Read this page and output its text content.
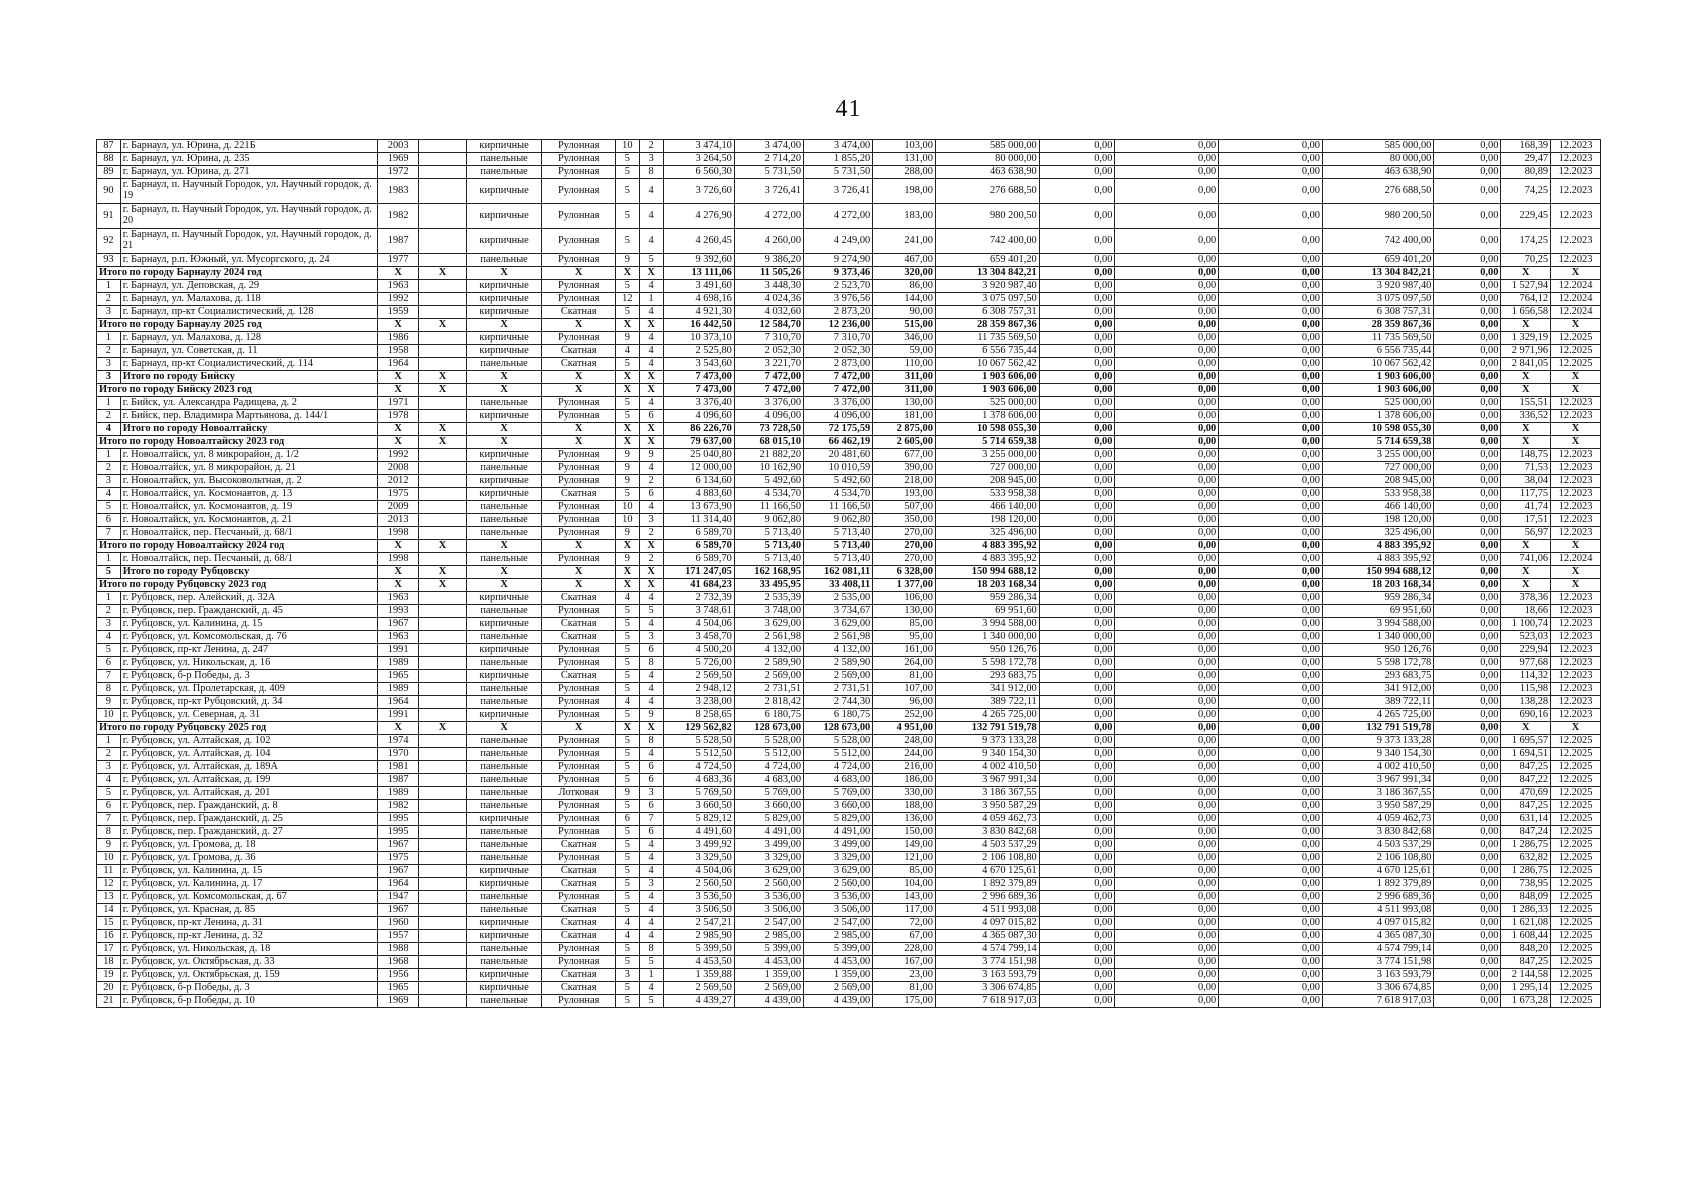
41
87	г. Барнаул, ул. Юрина, д. 221Б	2003		кирпичные	Рулонная	10	2	3 474,10	3 474,00	3 474,00	103,00	585 000,00	0,00	0,00	0,00	585 000,00	0,00	168,39	12.2023
88	г. Барнаул, ул. Юрина, д. 235	1969		панельные	Рулонная	5	3	3 264,50	2 714,20	1 855,20	131,00	80 000,00	0,00	0,00	0,00	80 000,00	0,00	29,47	12.2023
89	г. Барнаул, ул. Юрина, д. 271	1972		панельные	Рулонная	5	8	6 560,30	5 731,50	5 731,50	288,00	463 638,90	0,00	0,00	0,00	463 638,90	0,00	80,89	12.2023
90	г. Барнаул, п. Научный Городок, ул. Научный городок, д. 19	1983		кирпичные	Рулонная	5	4	3 726,60	3 726,41	3 726,41	198,00	276 688,50	0,00	0,00	0,00	276 688,50	0,00	74,25	12.2023
91	г. Барнаул, п. Научный Городок, ул. Научный городок, д. 20	1982		кирпичные	Рулонная	5	4	4 276,90	4 272,00	4 272,00	183,00	980 200,50	0,00	0,00	0,00	980 200,50	0,00	229,45	12.2023
92	г. Барнаул, п. Научный Городок, ул. Научный городок, д. 21	1987		кирпичные	Рулонная	5	4	4 260,45	4 260,00	4 249,00	241,00	742 400,00	0,00	0,00	0,00	742 400,00	0,00	174,25	12.2023
93	г. Барнаул, р.п. Южный, ул. Мусоргского, д. 24	1977		панельные	Рулонная	9	5	9 392,60	9 386,20	9 274,90	467,00	659 401,20	0,00	0,00	0,00	659 401,20	0,00	70,25	12.2023
Итого по городу Барнаулу 2024 год		X	X	X	X	X	X	13 111,06	11 505,26	9 373,46	320,00	13 304 842,21	0,00	0,00	0,00	13 304 842,21	0,00	X	X
1	г. Барнаул, ул. Деповская, д. 29	1963		кирпичные	Рулонная	5	4	3 491,60	3 448,30	2 523,70	86,00	3 920 987,40	0,00	0,00	0,00	3 920 987,40	0,00	1 527,94	12.2024
2	г. Барнаул, ул. Малахова, д. 118	1992		кирпичные	Рулонная	12	1	4 698,16	4 024,36	3 976,56	144,00	3 075 097,50	0,00	0,00	0,00	3 075 097,50	0,00	764,12	12.2024
3	г. Барнаул, пр-кт Социалистический, д. 128	1959		кирпичные	Скатная	5	4	4 921,30	4 032,60	2 873,20	90,00	6 308 757,31	0,00	0,00	0,00	6 308 757,31	0,00	1 656,58	12.2024
Итого по городу Барнаулу 2025 год		X	X	X	X	X	X	16 442,50	12 584,70	12 236,00	515,00	28 359 867,36	0,00	0,00	0,00	28 359 867,36	0,00	X	X
1	г. Барнаул, ул. Малахова, д. 128	1986		кирпичные	Рулонная	9	4	10 373,10	7 310,70	7 310,70	346,00	11 735 569,50	0,00	0,00	0,00	11 735 569,50	0,00	1 329,19	12.2025
2	г. Барнаул, ул. Советская, д. 11	1958		кирпичные	Скатная	4	4	2 525,80	2 052,30	2 052,30	59,00	6 556 735,44	0,00	0,00	0,00	6 556 735,44	0,00	2 971,96	12.2025
3	г. Барнаул, пр-кт Социалистический, д. 114	1964		панельные	Скатная	5	4	3 543,60	3 221,70	2 873,00	110,00	10 067 562,42	0,00	0,00	0,00	10 067 562,42	0,00	2 841,05	12.2025
3	Итого по городу Бийску	X	X	X	X	X	X	7 473,00	7 472,00	7 472,00	311,00	1 903 606,00	0,00	0,00	0,00	1 903 606,00	0,00	X	X
Итого по городу Бийску 2023 год		X	X	X	X	X	X	7 473,00	7 472,00	7 472,00	311,00	1 903 606,00	0,00	0,00	0,00	1 903 606,00	0,00	X	X
1	г. Бийск, ул. Александра Радищева, д. 2	1971		панельные	Рулонная	5	4	3 376,40	3 376,00	3 376,00	130,00	525 000,00	0,00	0,00	0,00	525 000,00	0,00	155,51	12.2023
2	г. Бийск, пер. Владимира Мартьянова, д. 144/1	1978		кирпичные	Рулонная	5	6	4 096,60	4 096,00	4 096,00	181,00	1 378 606,00	0,00	0,00	0,00	1 378 606,00	0,00	336,52	12.2023
4	Итого по городу Новоалтайску	X	X	X	X	X	X	86 226,70	73 728,50	72 175,59	2 875,00	10 598 055,30	0,00	0,00	0,00	10 598 055,30	0,00	X	X
Итого по городу Новоалтайску 2023 год		X	X	X	X	X	X	79 637,00	68 015,10	66 462,19	2 605,00	5 714 659,38	0,00	0,00	0,00	5 714 659,38	0,00	X	X
1	г. Новоалтайск, ул. 8 микрорайон, д. 1/2	1992		кирпичные	Рулонная	9	9	25 040,80	21 882,20	20 481,60	677,00	3 255 000,00	0,00	0,00	0,00	3 255 000,00	0,00	148,75	12.2023
2	г. Новоалтайск, ул. 8 микрорайон, д. 21	2008		панельные	Рулонная	9	4	12 000,00	10 162,90	10 010,59	390,00	727 000,00	0,00	0,00	0,00	727 000,00	0,00	71,53	12.2023
3	г. Новоалтайск, ул. Высоковольтная, д. 2	2012		кирпичные	Рулонная	9	2	6 134,60	5 492,60	5 492,60	218,00	208 945,00	0,00	0,00	0,00	208 945,00	0,00	38,04	12.2023
4	г. Новоалтайск, ул. Космонавтов, д. 13	1975		кирпичные	Скатная	5	6	4 883,60	4 534,70	4 534,70	193,00	533 958,38	0,00	0,00	0,00	533 958,38	0,00	117,75	12.2023
5	г. Новоалтайск, ул. Космонавтов, д. 19	2009		панельные	Рулонная	10	4	13 673,90	11 166,50	11 166,50	507,00	466 140,00	0,00	0,00	0,00	466 140,00	0,00	41,74	12.2023
6	г. Новоалтайск, ул. Космонавтов, д. 21	2013		панельные	Рулонная	10	3	11 314,40	9 062,80	9 062,80	350,00	198 120,00	0,00	0,00	0,00	198 120,00	0,00	17,51	12.2023
7	г. Новоалтайск, пер. Песчаный, д. 68/1	1998		панельные	Рулонная	9	2	6 589,70	5 713,40	5 713,40	270,00	325 496,00	0,00	0,00	0,00	325 496,00	0,00	56,97	12.2023
Итого по городу Новоалтайску 2024 год		X	X	X	X	X	X	6 589,70	5 713,40	5 713,40	270,00	4 883 395,92	0,00	0,00	0,00	4 883 395,92	0,00	X	X
1	г. Новоалтайск, пер. Песчаный, д. 68/1	1998		панельные	Рулонная	9	2	6 589,70	5 713,40	5 713,40	270,00	4 883 395,92	0,00	0,00	0,00	4 883 395,92	0,00	741,06	12.2024
5	Итого по городу Рубцовску	X	X	X	X	X	X	171 247,05	162 168,95	162 081,11	6 328,00	150 994 688,12	0,00	0,00	0,00	150 994 688,12	0,00	X	X
Итого по городу Рубцовску 2023 год		X	X	X	X	X	X	41 684,23	33 495,95	33 408,11	1 377,00	18 203 168,34	0,00	0,00	0,00	18 203 168,34	0,00	X	X
1	г. Рубцовск, пер. Алейский, д. 32А	1963		кирпичные	Скатная	4	4	2 732,39	2 535,39	2 535,00	106,00	959 286,34	0,00	0,00	0,00	959 286,34	0,00	378,36	12.2023
2	г. Рубцовск, пер. Гражданский, д. 45	1993		панельные	Рулонная	5	5	3 748,61	3 748,00	3 734,67	130,00	69 951,60	0,00	0,00	0,00	69 951,60	0,00	18,66	12.2023
3	г. Рубцовск, ул. Калинина, д. 15	1967		кирпичные	Скатная	5	4	4 504,06	3 629,00	3 629,00	85,00	3 994 588,00	0,00	0,00	0,00	3 994 588,00	0,00	1 100,74	12.2023
4	г. Рубцовск, ул. Комсомольская, д. 76	1963		панельные	Скатная	5	3	3 458,70	2 561,98	2 561,98	95,00	1 340 000,00	0,00	0,00	0,00	1 340 000,00	0,00	523,03	12.2023
5	г. Рубцовск, пр-кт Ленина, д. 247	1991		кирпичные	Рулонная	5	6	4 500,20	4 132,00	4 132,00	161,00	950 126,76	0,00	0,00	0,00	950 126,76	0,00	229,94	12.2023
6	г. Рубцовск, ул. Никольская, д. 16	1989		панельные	Рулонная	5	8	5 726,00	2 589,90	2 589,90	264,00	5 598 172,78	0,00	0,00	0,00	5 598 172,78	0,00	977,68	12.2023
7	г. Рубцовск, б-р Победы, д. 3	1965		кирпичные	Скатная	5	4	2 569,50	2 569,00	2 569,00	81,00	293 683,75	0,00	0,00	0,00	293 683,75	0,00	114,32	12.2023
8	г. Рубцовск, ул. Пролетарская, д. 409	1989		панельные	Рулонная	5	4	2 948,12	2 731,51	2 731,51	107,00	341 912,00	0,00	0,00	0,00	341 912,00	0,00	115,98	12.2023
9	г. Рубцовск, пр-кт Рубцовский, д. 34	1964		панельные	Рулонная	4	4	3 238,00	2 818,42	2 744,30	96,00	389 722,11	0,00	0,00	0,00	389 722,11	0,00	138,28	12.2023
10	г. Рубцовск, ул. Северная, д. 31	1991		кирпичные	Рулонная	5	9	8 258,65	6 180,75	6 180,75	252,00	4 265 725,00	0,00	0,00	0,00	4 265 725,00	0,00	690,16	12.2023
Итого по городу Рубцовску 2025 год		X	X	X	X	X	X	129 562,82	128 673,00	128 673,00	4 951,00	132 791 519,78	0,00	0,00	0,00	132 791 519,78	0,00	X	X
1	г. Рубцовск, ул. Алтайская, д. 102	1974		панельные	Рулонная	5	8	5 528,50	5 528,00	5 528,00	248,00	9 373 133,28	0,00	0,00	0,00	9 373 133,28	0,00	1 695,57	12.2025
2	г. Рубцовск, ул. Алтайская, д. 104	1970		панельные	Рулонная	5	4	5 512,50	5 512,00	5 512,00	244,00	9 340 154,30	0,00	0,00	0,00	9 340 154,30	0,00	1 694,51	12.2025
3	г. Рубцовск, ул. Алтайская, д. 189А	1981		панельные	Рулонная	5	6	4 724,50	4 724,00	4 724,00	216,00	4 002 410,50	0,00	0,00	0,00	4 002 410,50	0,00	847,25	12.2025
4	г. Рубцовск, ул. Алтайская, д. 199	1987		панельные	Рулонная	5	6	4 683,36	4 683,00	4 683,00	186,00	3 967 991,34	0,00	0,00	0,00	3 967 991,34	0,00	847,22	12.2025
5	г. Рубцовск, ул. Алтайская, д. 201	1989		панельные	Лотковая	9	3	5 769,50	5 769,00	5 769,00	330,00	3 186 367,55	0,00	0,00	0,00	3 186 367,55	0,00	470,69	12.2025
6	г. Рубцовск, пер. Гражданский, д. 8	1982		панельные	Рулонная	5	6	3 660,50	3 660,00	3 660,00	188,00	3 950 587,29	0,00	0,00	0,00	3 950 587,29	0,00	847,25	12.2025
7	г. Рубцовск, пер. Гражданский, д. 25	1995		кирпичные	Рулонная	6	7	5 829,12	5 829,00	5 829,00	136,00	4 059 462,73	0,00	0,00	0,00	4 059 462,73	0,00	631,14	12.2025
8	г. Рубцовск, пер. Гражданский, д. 27	1995		панельные	Рулонная	5	6	4 491,60	4 491,00	4 491,00	150,00	3 830 842,68	0,00	0,00	0,00	3 830 842,68	0,00	847,24	12.2025
9	г. Рубцовск, ул. Громова, д. 18	1967		панельные	Скатная	5	4	3 499,92	3 499,00	3 499,00	149,00	4 503 537,29	0,00	0,00	0,00	4 503 537,29	0,00	1 286,75	12.2025
10	г. Рубцовск, ул. Громова, д. 36	1975		панельные	Рулонная	5	4	3 329,50	3 329,00	3 329,00	121,00	2 106 108,80	0,00	0,00	0,00	2 106 108,80	0,00	632,82	12.2025
11	г. Рубцовск, ул. Калинина, д. 15	1967		кирпичные	Скатная	5	4	4 504,06	3 629,00	3 629,00	85,00	4 670 125,61	0,00	0,00	0,00	4 670 125,61	0,00	1 286,75	12.2025
12	г. Рубцовск, ул. Калинина, д. 17	1964		кирпичные	Скатная	5	3	2 560,50	2 560,00	2 560,00	104,00	1 892 379,89	0,00	0,00	0,00	1 892 379,89	0,00	738,95	12.2025
13	г. Рубцовск, ул. Комсомольская, д. 67	1947		панельные	Рулонная	5	4	3 536,50	3 536,00	3 536,00	143,00	2 996 689,36	0,00	0,00	0,00	2 996 689,36	0,00	848,09	12.2025
14	г. Рубцовск, ул. Красная, д. 85	1967		панельные	Скатная	5	4	3 506,50	3 506,00	3 506,00	117,00	4 511 993,08	0,00	0,00	0,00	4 511 993,08	0,00	1 286,33	12.2025
15	г. Рубцовск, пр-кт Ленина, д. 31	1960		кирпичные	Скатная	4	4	2 547,21	2 547,00	2 547,00	72,00	4 097 015,82	0,00	0,00	0,00	4 097 015,82	0,00	1 621,08	12.2025
16	г. Рубцовск, пр-кт Ленина, д. 32	1957		кирпичные	Скатная	4	4	2 985,90	2 985,00	2 985,00	67,00	4 365 087,30	0,00	0,00	0,00	4 365 087,30	0,00	1 608,44	12.2025
17	г. Рубцовск, ул. Никольская, д. 18	1988		панельные	Рулонная	5	8	5 399,50	5 399,00	5 399,00	228,00	4 574 799,14	0,00	0,00	0,00	4 574 799,14	0,00	848,20	12.2025
18	г. Рубцовск, ул. Октябрьская, д. 33	1968		панельные	Рулонная	5	5	4 453,50	4 453,00	4 453,00	167,00	3 774 151,98	0,00	0,00	0,00	3 774 151,98	0,00	847,25	12.2025
19	г. Рубцовск, ул. Октябрьская, д. 159	1956		кирпичные	Скатная	3	1	1 359,88	1 359,00	1 359,00	23,00	3 163 593,79	0,00	0,00	0,00	3 163 593,79	0,00	2 144,58	12.2025
20	г. Рубцовск, б-р Победы, д. 3	1965		кирпичные	Скатная	5	4	2 569,50	2 569,00	2 569,00	81,00	3 306 674,85	0,00	0,00	0,00	3 306 674,85	0,00	1 295,14	12.2025
21	г. Рубцовск, б-р Победы, д. 10	1969		панельные	Рулонная	5	5	4 439,27	4 439,00	4 439,00	175,00	7 618 917,03	0,00	0,00	0,00	7 618 917,03	0,00	1 673,28	12.2025
